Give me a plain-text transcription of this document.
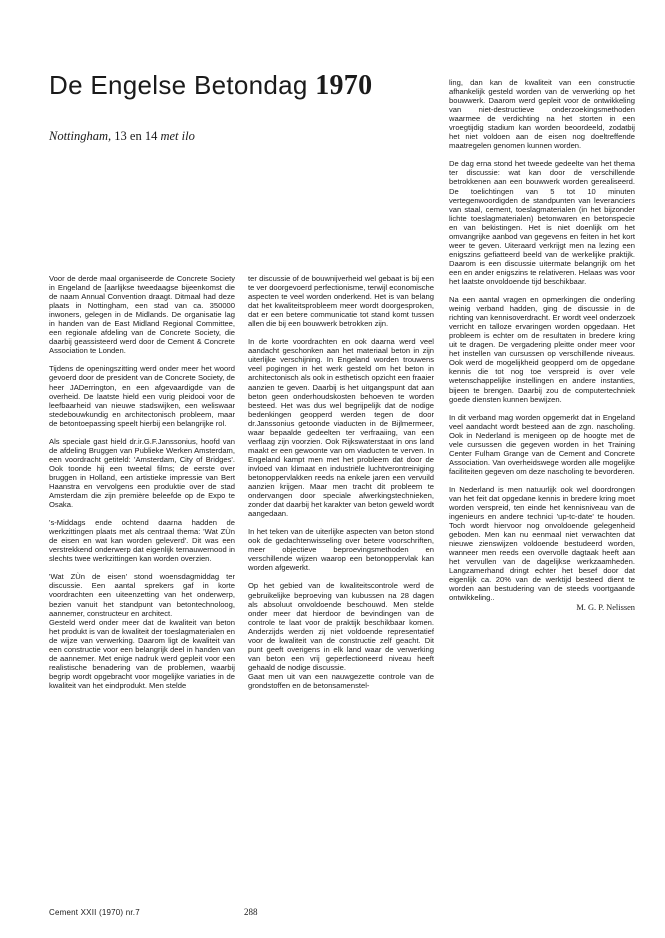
De Engelse Betondag 1970
Nottingham, 13 en 14 met ilo

Voor de derde maal organiseerde de Concrete Society in Engeland de [aarlijkse tweedaagse bijeenkomst die de naam Annual Convention draagt. Ditmaal had deze plaats in Nottingham, een stad van ca. 350000 inwoners, gelegen in de Midlands. De organisatie lag in handen van de East Midland Regional Committee, een regionale afdeling van de Concrete Society, die daarbij geassisteerd werd door de Cement & Concrete Association te Londen.

Tijdens de openingszitting werd onder meer het woord gevoerd door de president van de Concrete Society, de heer JADerrington, en een afgevaardigde van de overheid. De laatste hield een vurig pleidooi voor de leefbaarheid van nieuwe stadswijken, een weliswaar stedebouwkundig en architectonisch probleem, maar de betontoepassing speelt hierbij een belangrijke rol.

Als speciale gast hield dr.ir.G.F.Janssonius, hoofd van de afdeling Bruggen van Publieke Werken Amsterdam, een voordracht getiteld: 'Amsterdam, City of Bridges'. Ook toonde hij een tweetal films; de eerste over bruggen in Holland, een artistieke impressie van Bert Haanstra en vervolgens een produktie over de stad Amsterdam die zijn première beleefde op de Expo te Osaka.

's-Middags ende ochtend daarna hadden de werkzittingen plaats met als centraal thema: 'Wat ZÙn de eisen en wat kan worden geleverd'. Dit was een verstrekkend onderwerp dat eigenlijk ternauwernood in slechts twee werkzittingen kan worden overzien.

'Wat ZÙn de eisen' stond woensdagmiddag ter discussie. Een aantal sprekers gaf in korte voordrachten een uiteenzetting van het onderwerp, bezien vanuit het standpunt van betontechnoloog, aannemer, constructeur en architect.

Gesteld werd onder meer dat de kwaliteit van beton het produkt is van de kwaliteit der toeslagmaterialen en de wijze van verwerking. Daarom ligt de kwaliteit van een constructie voor een belangrijk deel in handen van de aannemer. Met enige nadruk werd gepleit voor een realistische benadering van de problemen, waarbij begrip wordt opgebracht voor mogelijke variaties in de kwaliteit van het eindprodukt. Men stelde

ter discussie of de bouwnijverheid wel gebaat is bij een te ver doorgevoerd perfectionisme, terwijl economische aspecten te veel worden onderkend. Het is van belang dat het kwaliteitsprobleem meer wordt doorgesproken, dat er een betere communicatie tot stand komt tussen allen die bij een bouwwerk betrokken zijn.

In de korte voordrachten en ook daarna werd veel aandacht geschonken aan het materiaal beton in zijn uiterlijke verschijning. In Engeland worden trouwens veel pogingen in het werk gesteld om het beton in architectonisch als ook in esthetisch opzicht een fraaier aanzien te geven. Daarbij is het uitgangspunt dat aan beton geen onderhoudskosten behoeven te worden besteed. Het was dus wel begrijpelijk dat de nodige bedenkingen geopperd werden tegen de door dr.Janssonius getoonde viaducten in de Bijlmermeer, waar bepaalde gedeelten ter verfraaiing, van een verflaag zijn voorzien. Ook Rijkswaterstaat in ons land maakt er een gewoonte van om viaducten te verven. In Engeland kampt men met het probleem dat door de invloed van klimaat en industriële luchtverontreiniging betonoppervlakken reeds na enkele jaren een vervuild aanzien krijgen. Maar men tracht dit probleem te ondervangen door speciale afwerkingstechnieken, zonder dat daarbij het karakter van beton geweld wordt aangedaan.

In het teken van de uiterlijke aspecten van beton stond ook de gedachtenwisseling over betere voorschriften, meer objectieve beproevingsmethoden en verschillende wijzen waarop een betonoppervlak kan worden afgewerkt.

Op het gebied van de kwaliteitscontrole werd de gebruikelijke beproeving van kubussen na 28 dagen als absoluut onvoldoende beschouwd. Men stelde onder meer dat hierdoor de bevindingen van de controle te laat voor de praktijk beschikbaar komen. Anderzijds werden zij niet voldoende representatief voor de kwaliteit van de constructie zelf geacht. Dit punt geeft overigens in elk land waar de verwerking van beton een vrij geperfectioneerd niveau heeft gehaald de nodige discussie.

Gaat men uit van een nauwgezette controle van de grondstoffen en de betonsamenstel-

ling, dan kan de kwaliteit van een constructie afhankelijk gesteld worden van de verwerking op het bouwwerk. Daarom werd gepleit voor de ontwikkeling van niet-destructieve onderzoekingsmethoden waarmee de verdichting na het storten in een vroegtijdig stadium kan worden beoordeeld, zodatbij het niet voldoen aan de eisen nog doeltreffende maatregelen genomen kunnen worden.

De dag erna stond het tweede gedeelte van het thema ter discussie: wat kan door de verschillende betrokkenen aan een bouwwerk worden gerealiseerd. De toelichtingen van 5 tot 10 minuten vertegenwoordigden de standpunten van leveranciers van staal, cement, toeslagmaterialen (in het bijzonder lichte toeslagmaterialen) betonwaren en betonspecie en van bekistingen. Het is niet doenlijk om het omvangrijke aanbod van gegevens en feiten in het kort weer te geven. Uiteraard verkrijgt men na lezing een enigszins gefiatteerd beeld van de werkelijke praktijk. Daarom is een discussie uitermate belangrijk om het een en ander enigszins te relativeren. Helaas was voor het laatste onvoldoende tijd beschikbaar.

Na een aantal vragen en opmerkingen die onderling weinig verband hadden, ging de discussie in de richting van kennisoverdracht. Er wordt veel onderzoek verricht en talloze ervaringen worden opgedaan. Het probleem is echter om de resultaten in bredere kring uit te dragen. De vergadering pleitte onder meer voor het instellen van cursussen op verschillende niveaus. Ook werd de mogelijkheid geopperd om de opgedane kennis die tot nog toe verspreid is over vele wetenschappelijke instellingen en andere instanties, bijeen te brengen. Daarbij zou de computertechniek goede diensten kunnen bewijzen.

In dit verband mag worden opgemerkt dat in Engeland veel aandacht wordt besteed aan de zgn. nascholing. Ook in Nederland is menigeen op de hoogte met de vele cursussen die gegeven worden in het Training Center Fulham Grange van de Cement and Concrete Association. Van overheidswege worden alle mogelijke faciliteiten gegeven om deze nascholing te bevorderen.

In Nederland is men natuurlijk ook wel doordrongen van het feit dat opgedane kennis in bredere kring moet worden verspreid, ten einde het kennisniveau van de ingenieurs en andere technici 'up-tc-date' te houden. Toch wordt hiervoor nog onvoldoende gelegenheid geboden. Men kan nu eenmaal niet verwachten dat nieuwe zienswijzen voldoende bestudeerd worden, wanneer men reeds een overvolle dagtaak heeft aan het vervullen van de dagelijkse werkzaamheden. Langzamerhand dringt echter het besef door dat eigenlijk ca. 20% van de werktijd besteed dient te worden aan bestudering van de steeds voortgaande ontwikkeling..

M. G. P. Nelissen
Cement XXII (1970) nr.7	288
